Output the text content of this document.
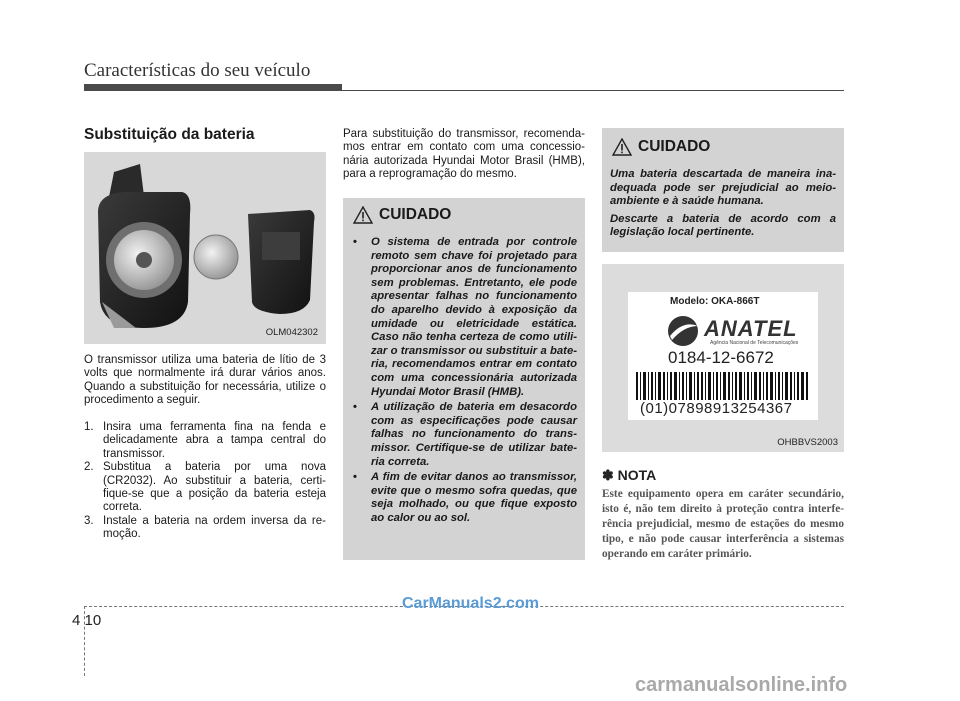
Características do seu veículo
Substituição da bateria
OLM042302
O transmissor utiliza uma bateria de lítio de 3 volts que normalmente irá durar vários anos. Quando a substituição for necessária, utilize o procedimento a seguir.
1. Insira uma ferramenta fina na fenda e delicadamente abra a tampa central do transmissor.
2. Substitua a bateria por uma nova (CR2032). Ao substituir a bateria, certi-fique-se que a posição da bateria esteja correta.
3. Instale a bateria na ordem inversa da re-moção.
Para substituição do transmissor, recomenda-mos entrar em contato com uma concessio-nária autorizada Hyundai Motor Brasil (HMB), para a reprogramação do mesmo.
CUIDADO
• O sistema de entrada por controle remoto sem chave foi projetado para proporcionar anos de funcionamento sem problemas. Entretanto, ele pode apresentar falhas no funcionamento do aparelho devido à exposição da umidade ou eletricidade estática. Caso não tenha certeza de como utili-zar o transmissor ou substituir a bate-ria, recomendamos entrar em contato com uma concessionária autorizada Hyundai Motor Brasil (HMB).
• A utilização de bateria em desacordo com as especificações pode causar falhas no funcionamento do trans-missor. Certifique-se de utilizar bate-ria correta.
• A fim de evitar danos ao transmissor, evite que o mesmo sofra quedas, que seja molhado, ou que fique exposto ao calor ou ao sol.
CUIDADO

Uma bateria descartada de maneira ina-dequada pode ser prejudicial ao meio-ambiente e à saúde humana.

Descarte a bateria de acordo com a legislação local pertinente.

Modelo: OKA-866T
ANATEL
Agência Nacional de Telecomunicações
0184-12-6672
(01)07898913254367
OHBBVS2003
✽ NOTA
Este equipamento opera em caráter secundário, isto é, não tem direito à proteção contra interfe-rência prejudicial, mesmo de estações do mesmo tipo, e não pode causar interferência a sistemas operando em caráter primário.
4 10
CarManuals2.com
carmanualsonline.info
